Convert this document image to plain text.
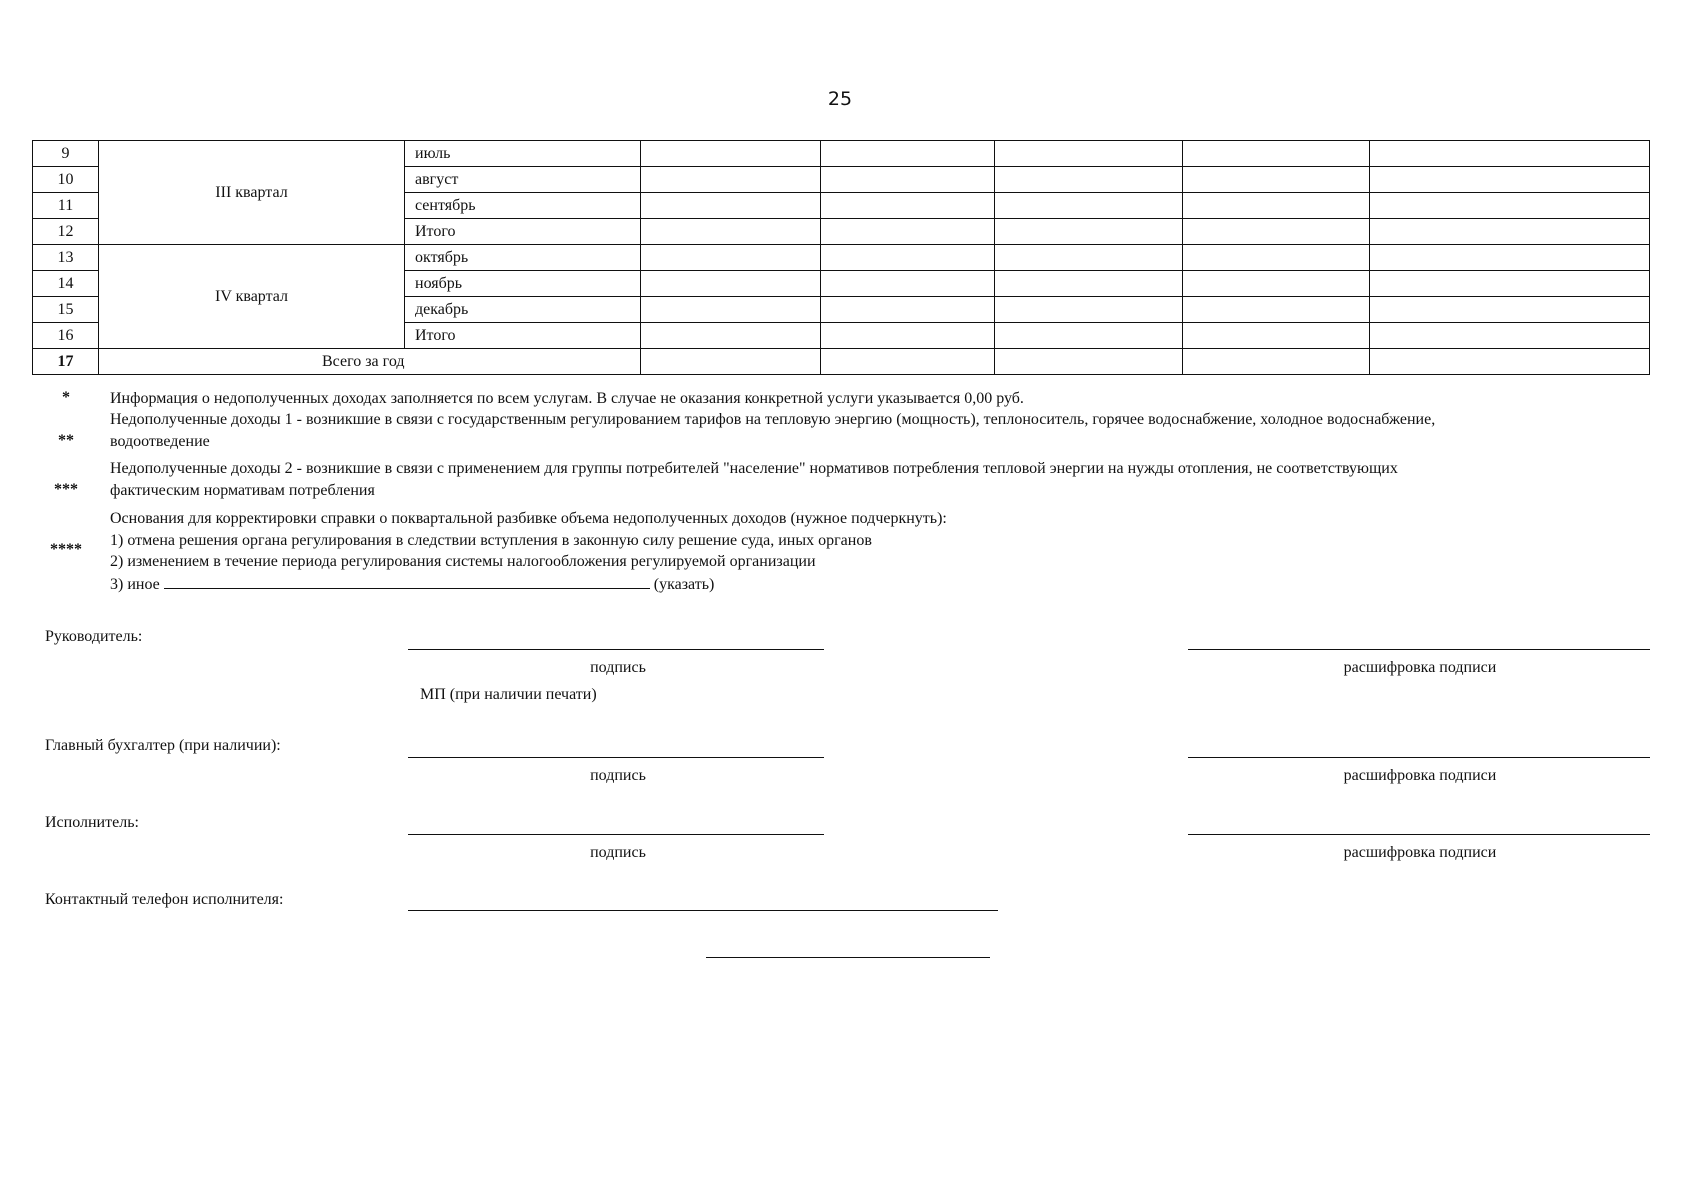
25
9	III квартал	июль					
10		август					
11		сентябрь					
12		Итого					
13	IV квартал	октябрь					
14		ноябрь					
15		декабрь					
16		Итого					
17	Всего за год						
*	Информация о недополученных доходах заполняется по всем услугам. В случае не оказания конкретной услуги указывается 0,00 руб.
**
Недополученные доходы 1 - возникшие в связи с государственным регулированием тарифов на тепловую энергию (мощность), теплоноситель, горячее водоснабжение, холодное водоснабжение,
водоотведение
***
Недополученные доходы 2 - возникшие в связи с применением для группы потребителей "население" нормативов потребления тепловой энергии на нужды отопления, не соответствующих
фактическим нормативам потребления
****
Основания для корректировки справки о поквартальной разбивке объема недополученных доходов (нужное подчеркнуть):
1) отмена решения органа регулирования в следствии вступления в законную силу решение суда, иных органов
2) изменением в течение периода регулирования системы налогообложения регулируемой организации
3) иное	(указать)
Руководитель:
подпись	расшифровка подписи
МП (при наличии печати)
Главный бухгалтер (при наличии):
подпись	расшифровка подписи
Исполнитель:
подпись	расшифровка подписи
Контактный телефон исполнителя:
